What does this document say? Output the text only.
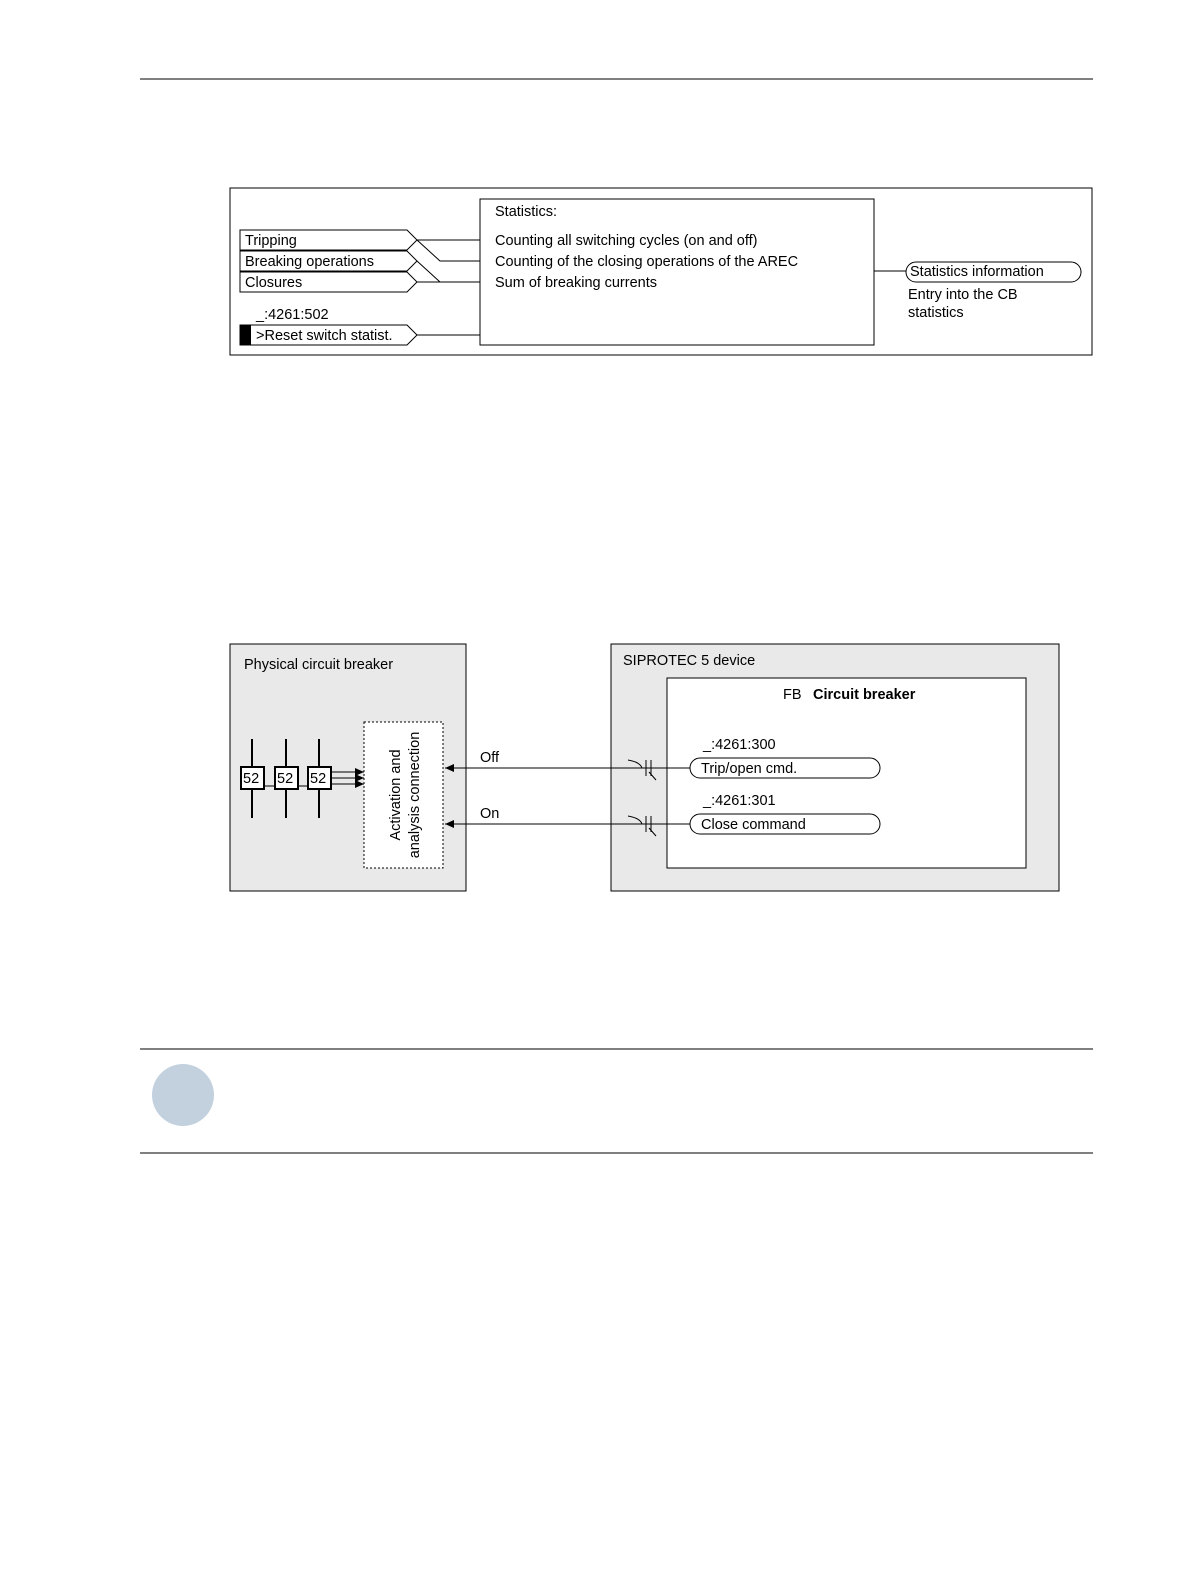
Tripping
Breaking operations
Closures
_:4261:502
>Reset switch statist.
Statistics:
Counting all switching cycles (on and off)
Counting of the closing operations of the AREC
Sum of breaking currents
Statistics information
Entry into the CB
statistics
Physical circuit breaker
52 52 52	Activation and analysis connection
SIPROTEC 5 device
FB Circuit breaker
Off
_:4261:300
Trip/open cmd.
On
_:4261:301
Close command
